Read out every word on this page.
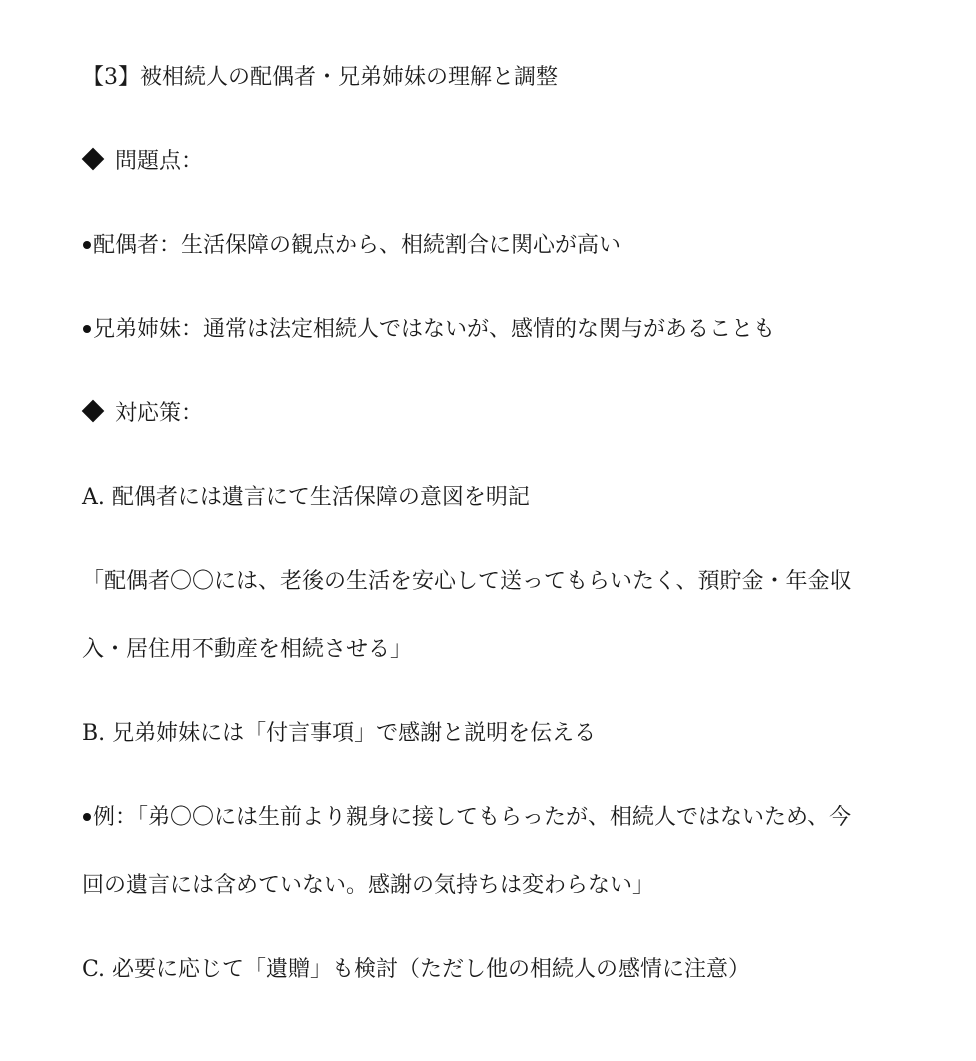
【3】被相続人の配偶者・兄弟姉妹の理解と調整
問題点：
配偶者：生活保障の観点から、相続割合に関心が高い
兄弟姉妹：通常は法定相続人ではないが、感情的な関与があることも
対応策：
A. 配偶者には遺言にて生活保障の意図を明記
「配偶者〇〇には、老後の生活を安心して送ってもらいたく、預貯金・年金収
入・居住用不動産を相続させる」
B. 兄弟姉妹には「付言事項」で感謝と説明を伝える
例：「弟〇〇には生前より親身に接してもらったが、相続人ではないため、今
回の遺言には含めていない。感謝の気持ちは変わらない」
C. 必要に応じて「遺贈」も検討（ただし他の相続人の感情に注意）
